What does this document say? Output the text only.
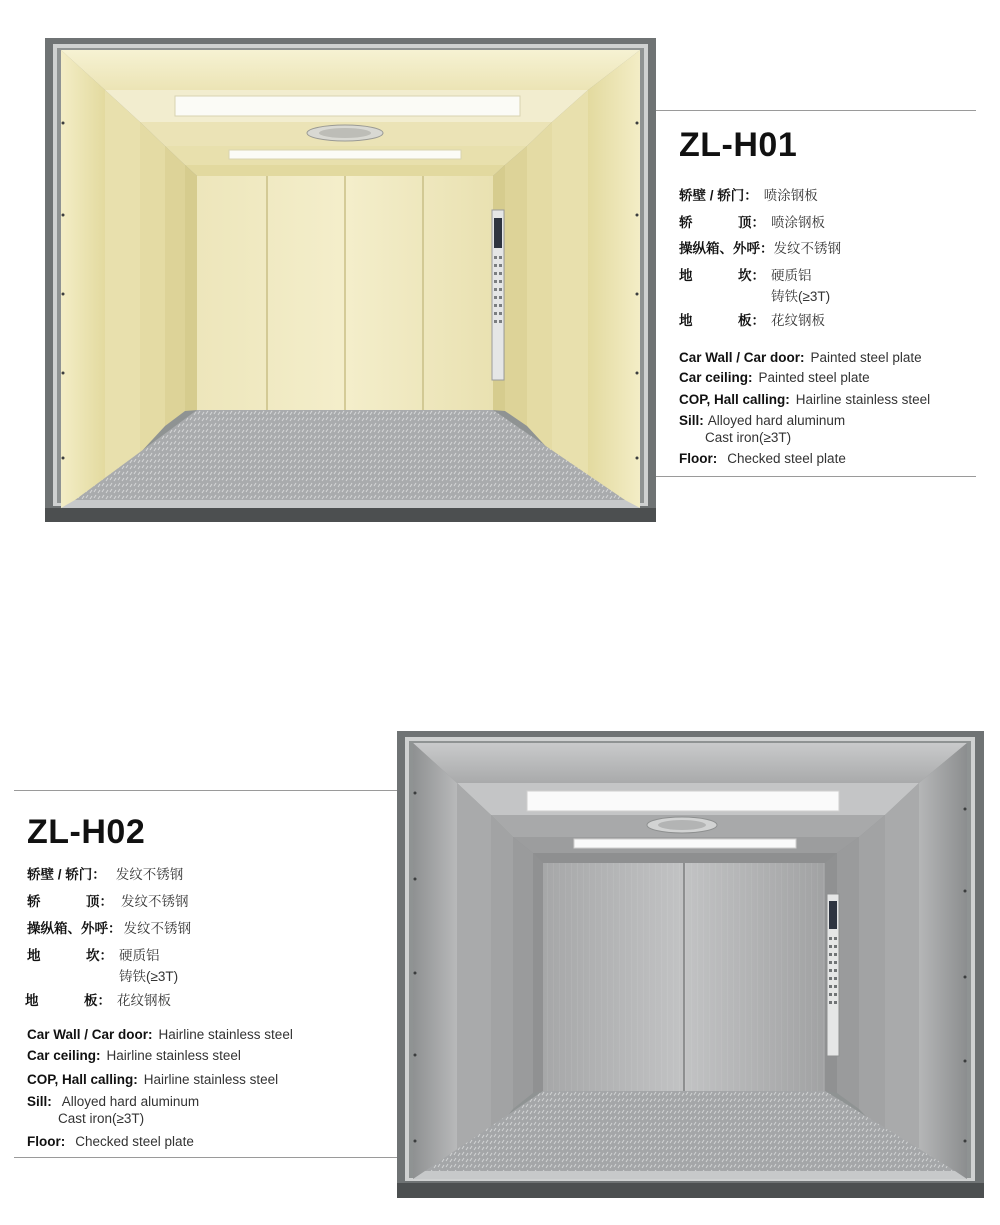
ZL-H01
轿壁 / 轿门： 喷涂钢板
轿	顶： 喷涂钢板
操纵箱、外呼：发纹不锈钢
地	坎： 硬质铝
铸铁(≥3T)
地	板： 花纹钢板
Car Wall / Car door: Painted steel plate
Car ceiling: Painted steel plate
COP, Hall calling: Hairline stainless steel
Sill: Alloyed hard aluminum
Cast iron(≥3T)
Floor: Checked steel plate
ZL-H02
轿壁 / 轿门： 发纹不锈钢
轿	顶： 发纹不锈钢
操纵箱、外呼： 发纹不锈钢
地	坎： 硬质铝
铸铁(≥3T)
地	板： 花纹钢板
Car Wall / Car door: Hairline stainless steel
Car ceiling: Hairline stainless steel
COP, Hall calling: Hairline stainless steel
Sill: Alloyed hard aluminum
Cast iron(≥3T)
Floor: Checked steel plate
